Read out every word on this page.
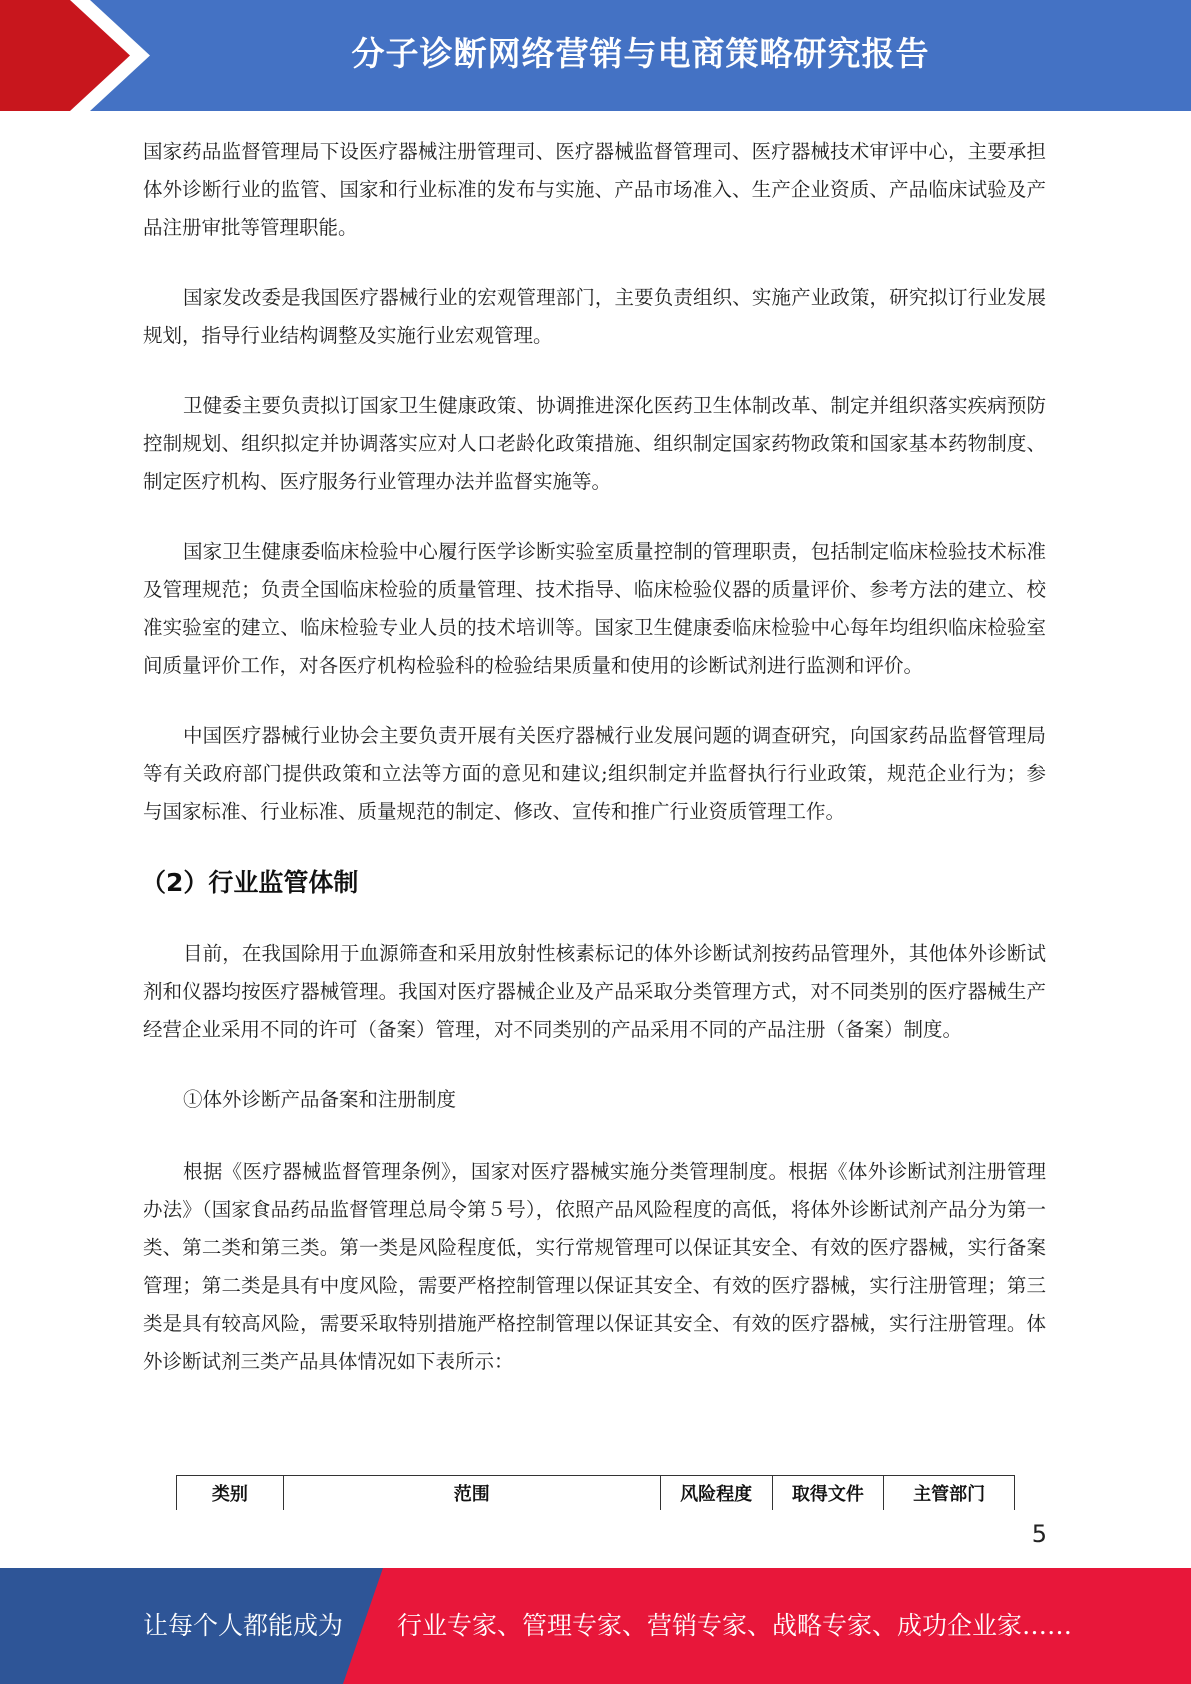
分子诊断网络营销与电商策略研究报告

国家药品监督管理局下设医疗器械注册管理司、医疗器械监督管理司、医疗器械技术审评中心，主要承担体外诊断行业的监管、国家和行业标准的发布与实施、产品市场准入、生产企业资质、产品临床试验及产品注册审批等管理职能。

国家发改委是我国医疗器械行业的宏观管理部门，主要负责组织、实施产业政策，研究拟订行业发展规划，指导行业结构调整及实施行业宏观管理。

卫健委主要负责拟订国家卫生健康政策、协调推进深化医药卫生体制改革、制定并组织落实疾病预防控制规划、组织拟定并协调落实应对人口老龄化政策措施、组织制定国家药物政策和国家基本药物制度、制定医疗机构、医疗服务行业管理办法并监督实施等。

国家卫生健康委临床检验中心履行医学诊断实验室质量控制的管理职责，包括制定临床检验技术标准及管理规范；负责全国临床检验的质量管理、技术指导、临床检验仪器的质量评价、参考方法的建立、校准实验室的建立、临床检验专业人员的技术培训等。国家卫生健康委临床检验中心每年均组织临床检验室间质量评价工作，对各医疗机构检验科的检验结果质量和使用的诊断试剂进行监测和评价。

中国医疗器械行业协会主要负责开展有关医疗器械行业发展问题的调查研究，向国家药品监督管理局等有关政府部门提供政策和立法等方面的意见和建议;组织制定并监督执行行业政策，规范企业行为；参与国家标准、行业标准、质量规范的制定、修改、宣传和推广行业资质管理工作。

（2）行业监管体制

目前，在我国除用于血源筛查和采用放射性核素标记的体外诊断试剂按药品管理外，其他体外诊断试剂和仪器均按医疗器械管理。我国对医疗器械企业及产品采取分类管理方式，对不同类别的医疗器械生产经营企业采用不同的许可（备案）管理，对不同类别的产品采用不同的产品注册（备案）制度。

①体外诊断产品备案和注册制度

根据《医疗器械监督管理条例》，国家对医疗器械实施分类管理制度。根据《体外诊断试剂注册管理办法》（国家食品药品监督管理总局令第５号），依照产品风险程度的高低，将体外诊断试剂产品分为第一类、第二类和第三类。第一类是风险程度低，实行常规管理可以保证其安全、有效的医疗器械，实行备案管理；第二类是具有中度风险，需要严格控制管理以保证其安全、有效的医疗器械，实行注册管理；第三类是具有较高风险，需要采取特别措施严格控制管理以保证其安全、有效的医疗器械，实行注册管理。体外诊断试剂三类产品具体情况如下表所示：

类别	范围	风险程度	取得文件	主管部门
5
让每个人都能成为 行业专家、管理专家、营销专家、战略专家、成功企业家……
